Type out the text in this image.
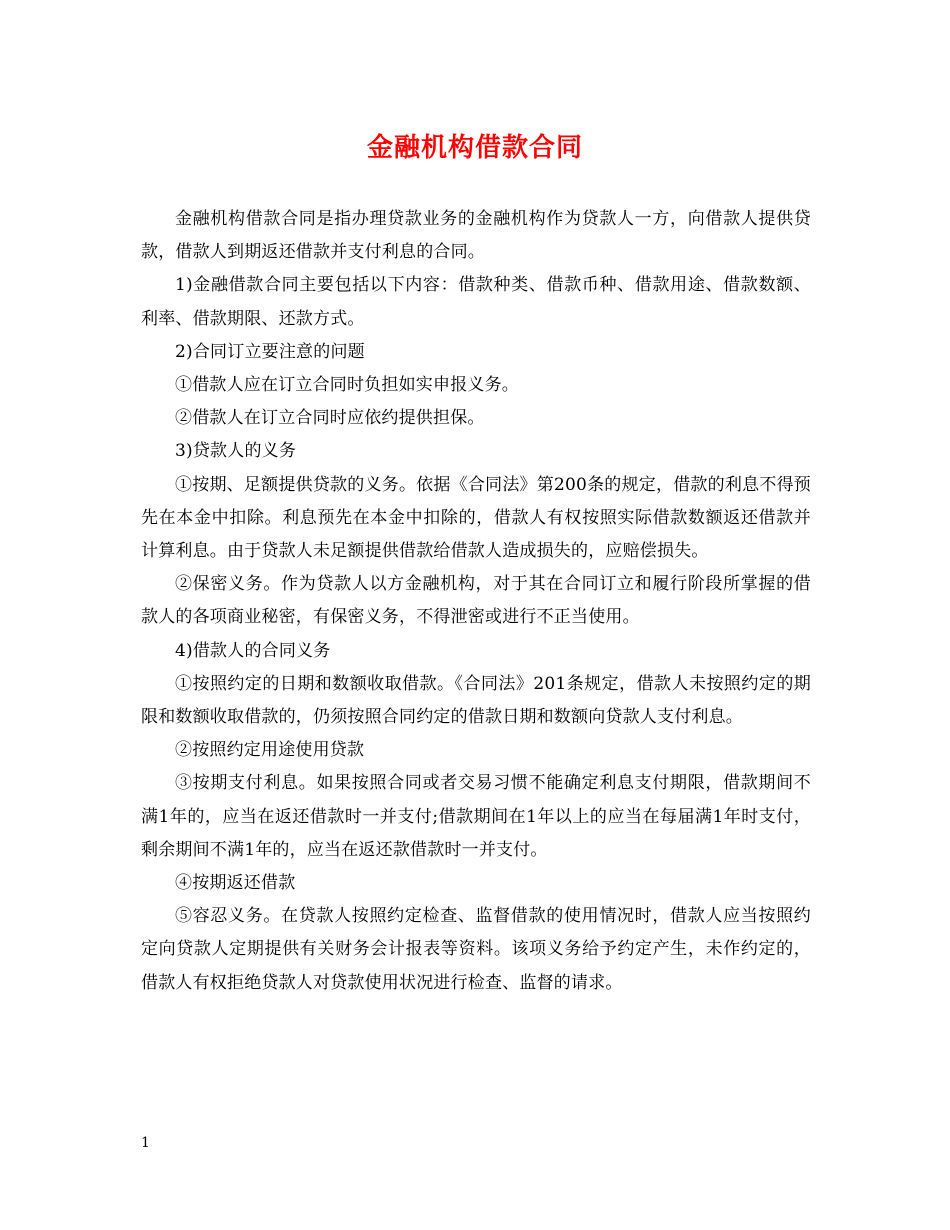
金融机构借款合同

金融机构借款合同是指办理贷款业务的金融机构作为贷款人一方，向借款人提供贷款，借款人到期返还借款并支付利息的合同。

1)金融借款合同主要包括以下内容：借款种类、借款币种、借款用途、借款数额、利率、借款期限、还款方式。

2)合同订立要注意的问题

①借款人应在订立合同时负担如实申报义务。

②借款人在订立合同时应依约提供担保。

3)贷款人的义务

①按期、足额提供贷款的义务。依据《合同法》第200条的规定，借款的利息不得预先在本金中扣除。利息预先在本金中扣除的，借款人有权按照实际借款数额返还借款并计算利息。由于贷款人未足额提供借款给借款人造成损失的，应赔偿损失。

②保密义务。作为贷款人以方金融机构，对于其在合同订立和履行阶段所掌握的借款人的各项商业秘密，有保密义务，不得泄密或进行不正当使用。

4)借款人的合同义务

①按照约定的日期和数额收取借款。《合同法》201条规定，借款人未按照约定的期限和数额收取借款的，仍须按照合同约定的借款日期和数额向贷款人支付利息。

②按照约定用途使用贷款

③按期支付利息。如果按照合同或者交易习惯不能确定利息支付期限，借款期间不满1年的，应当在返还借款时一并支付;借款期间在1年以上的应当在每届满1年时支付，剩余期间不满1年的，应当在返还款借款时一并支付。

④按期返还借款

⑤容忍义务。在贷款人按照约定检查、监督借款的使用情况时，借款人应当按照约定向贷款人定期提供有关财务会计报表等资料。该项义务给予约定产生，未作约定的，借款人有权拒绝贷款人对贷款使用状况进行检查、监督的请求。

1
